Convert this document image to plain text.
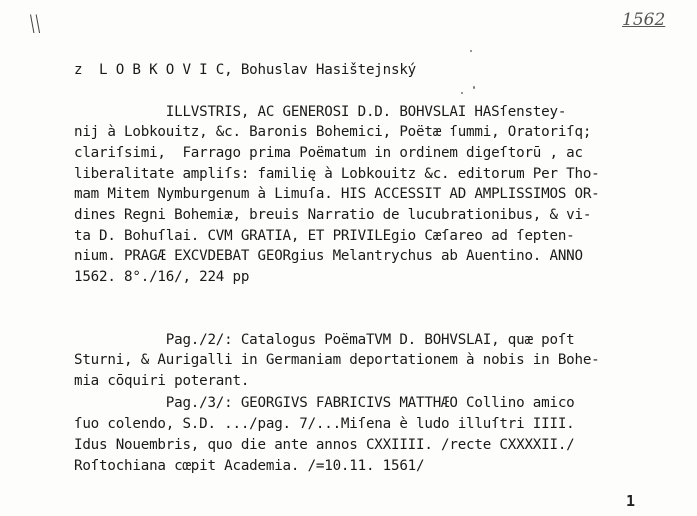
\\	1562
z  L O B K O V I C, Bohuslav Hasištejnský
ILLVSTRIS, AC GENEROSI D.D. BOHVSLAI HASſenstey-
nij à Lobkouitz, &c. Baronis Bohemici, Poëtæ ſummi, Oratoriſq;
clariſsimi,  Farrago prima Poëmatum in ordinem digeſtorū , ac
liberalitate ampliſs: familię à Lobkouitz &c. editorum Per Tho-
mam Mitem Nymburgenum à Limuſa. HIS ACCESSIT AD AMPLISSIMOS OR-
dines Regni Bohemiæ, breuis Narratio de lucubrationibus, & vi-
ta D. Bohuſlai. CVM GRATIA, ET PRIVILEgio Cæſareo ad ſepten-
nium. PRAGÆ EXCVDEBAT GEORgius Melantrychus ab Auentino. ANNO
1562. 8°./16/, 224 pp
Pag./2/: Catalogus PoëmaTVM D. BOHVSLAI, quæ poſt
Sturni, & Aurigalli in Germaniam deportationem à nobis in Bohe-
mia cōquiri poterant.
Pag./3/: GEORGIVS FABRICIVS MATTHÆO Collino amico
ſuo colendo, S.D. .../pag. 7/...Miſena è ludo illuſtri IIII.
Idus Nouembris, quo die ante annos CXXIIII. /recte CXXXXII./
Roſtochiana cœpit Academia. /=10.11. 1561/
1
